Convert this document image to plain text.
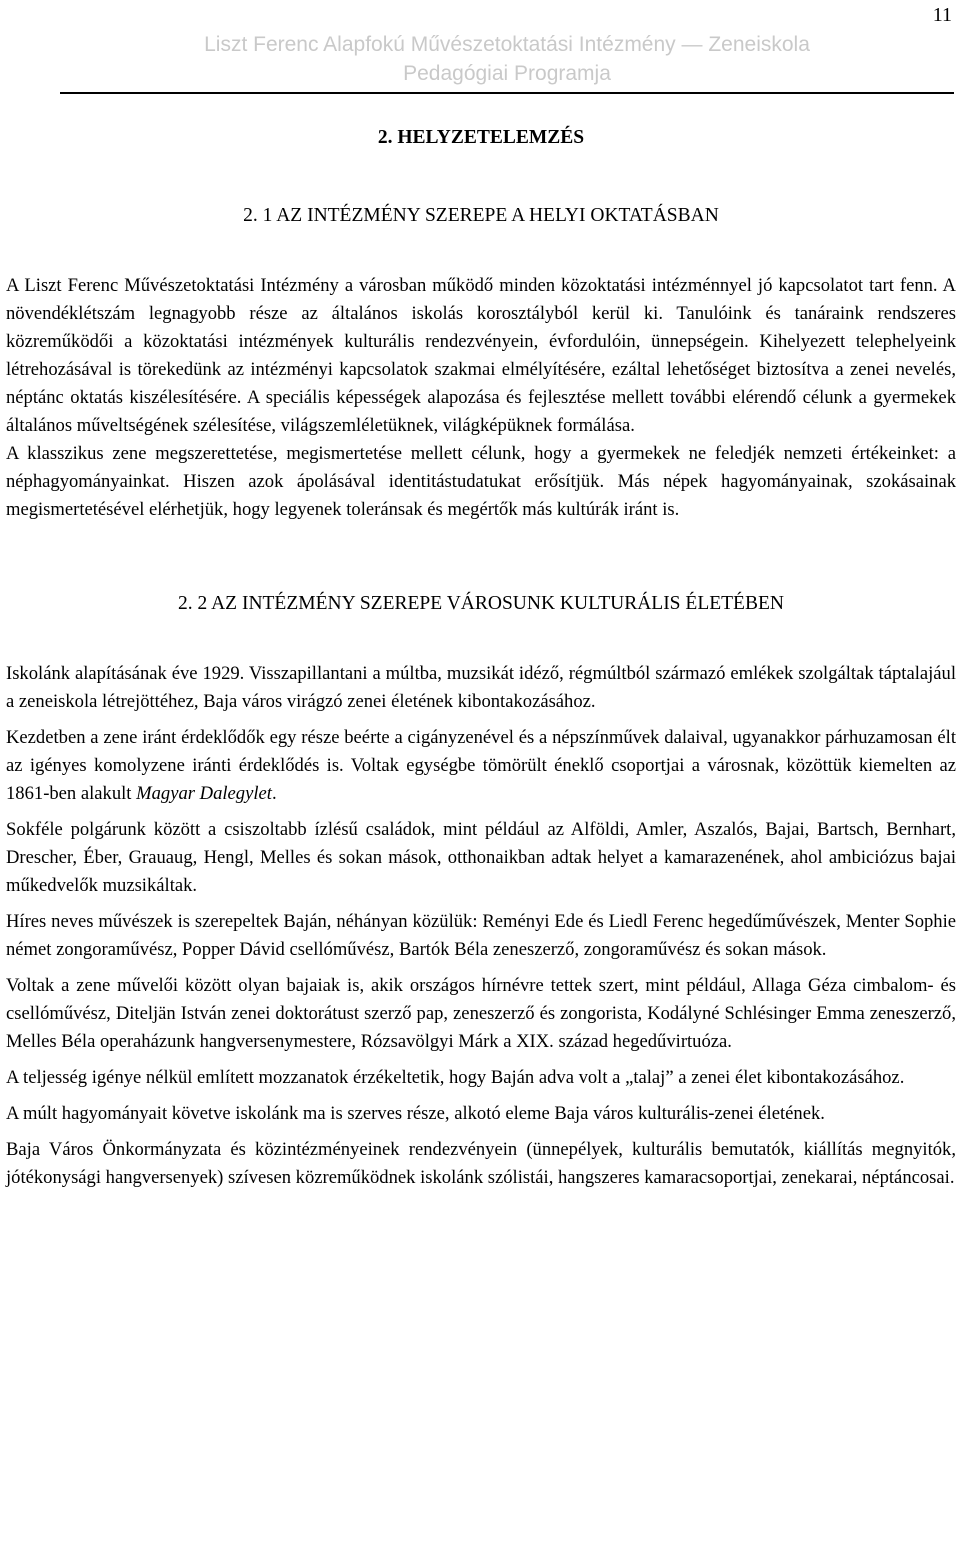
11
Liszt Ferenc Alapfokú Művészetoktatási Intézmény — Zeneiskola
Pedagógiai Programja
2. HELYZETELEMZÉS
2. 1 AZ INTÉZMÉNY SZEREPE A HELYI OKTATÁSBAN

A Liszt Ferenc Művészetoktatási Intézmény a városban működő minden közoktatási intézménnyel jó kapcsolatot tart fenn. A növendéklétszám legnagyobb része az általános iskolás korosztályból kerül ki. Tanulóink és tanáraink rendszeres közreműködői a közoktatási intézmények kulturális rendezvényein, évfordulóin, ünnepségein. Kihelyezett telephelyeink létrehozásával is törekedünk az intézményi kapcsolatok szakmai elmélyítésére, ezáltal lehetőséget biztosítva a zenei nevelés, néptánc oktatás kiszélesítésére. A speciális képességek alapozása és fejlesztése mellett további elérendő célunk a gyermekek általános műveltségének szélesítése, világszemléletüknek, világképüknek formálása.

A klasszikus zene megszerettetése, megismertetése mellett célunk, hogy a gyermekek ne feledjék nemzeti értékeinket: a néphagyományainkat. Hiszen azok ápolásával identitástudatukat erősítjük. Más népek hagyományainak, szokásainak megismertetésével elérhetjük, hogy legyenek toleránsak és megértők más kultúrák iránt is.

2. 2 AZ INTÉZMÉNY SZEREPE VÁROSUNK KULTURÁLIS ÉLETÉBEN

Iskolánk alapításának éve 1929. Visszapillantani a múltba, muzsikát idéző, régmúltból származó emlékek szolgáltak táptalajául a zeneiskola létrejöttéhez, Baja város virágzó zenei életének kibontakozásához.

Kezdetben a zene iránt érdeklődők egy része beérte a cigányzenével és a népszínművek dalaival, ugyanakkor párhuzamosan élt az igényes komolyzene iránti érdeklődés is. Voltak egységbe tömörült éneklő csoportjai a városnak, közöttük kiemelten az 1861-ben alakult Magyar Dalegylet.

Sokféle polgárunk között a csiszoltabb ízlésű családok, mint például az Alföldi, Amler, Aszalós, Bajai, Bartsch, Bernhart, Drescher, Éber, Grauaug, Hengl, Melles és sokan mások, otthonaikban adtak helyet a kamarazenének, ahol ambiciózus bajai műkedvelők muzsikáltak.

Híres neves művészek is szerepeltek Baján, néhányan közülük: Reményi Ede és Liedl Ferenc hegedűművészek, Menter Sophie német zongoraművész, Popper Dávid csellóművész, Bartók Béla zeneszerző, zongoraművész és sokan mások.

Voltak a zene művelői között olyan bajaiak is, akik országos hírnévre tettek szert, mint például, Allaga Géza cimbalom- és csellóművész, Diteljän István zenei doktorátust szerző pap, zeneszerző és zongorista, Kodályné Schlésinger Emma zeneszerző, Melles Béla operaházunk hangversenymestere, Rózsavölgyi Márk a XIX. század hegedűvirtuóza.

A teljesség igénye nélkül említett mozzanatok érzékeltetik, hogy Baján adva volt a „talaj” a zenei élet kibontakozásához.

A múlt hagyományait követve iskolánk ma is szerves része, alkotó eleme Baja város kulturális-zenei életének.

Baja Város Önkormányzata és közintézményeinek rendezvényein (ünnepélyek, kulturális bemutatók, kiállítás megnyitók, jótékonysági hangversenyek) szívesen közreműködnek iskolánk szólistái, hangszeres kamaracsoportjai, zenekarai, néptáncosai.
